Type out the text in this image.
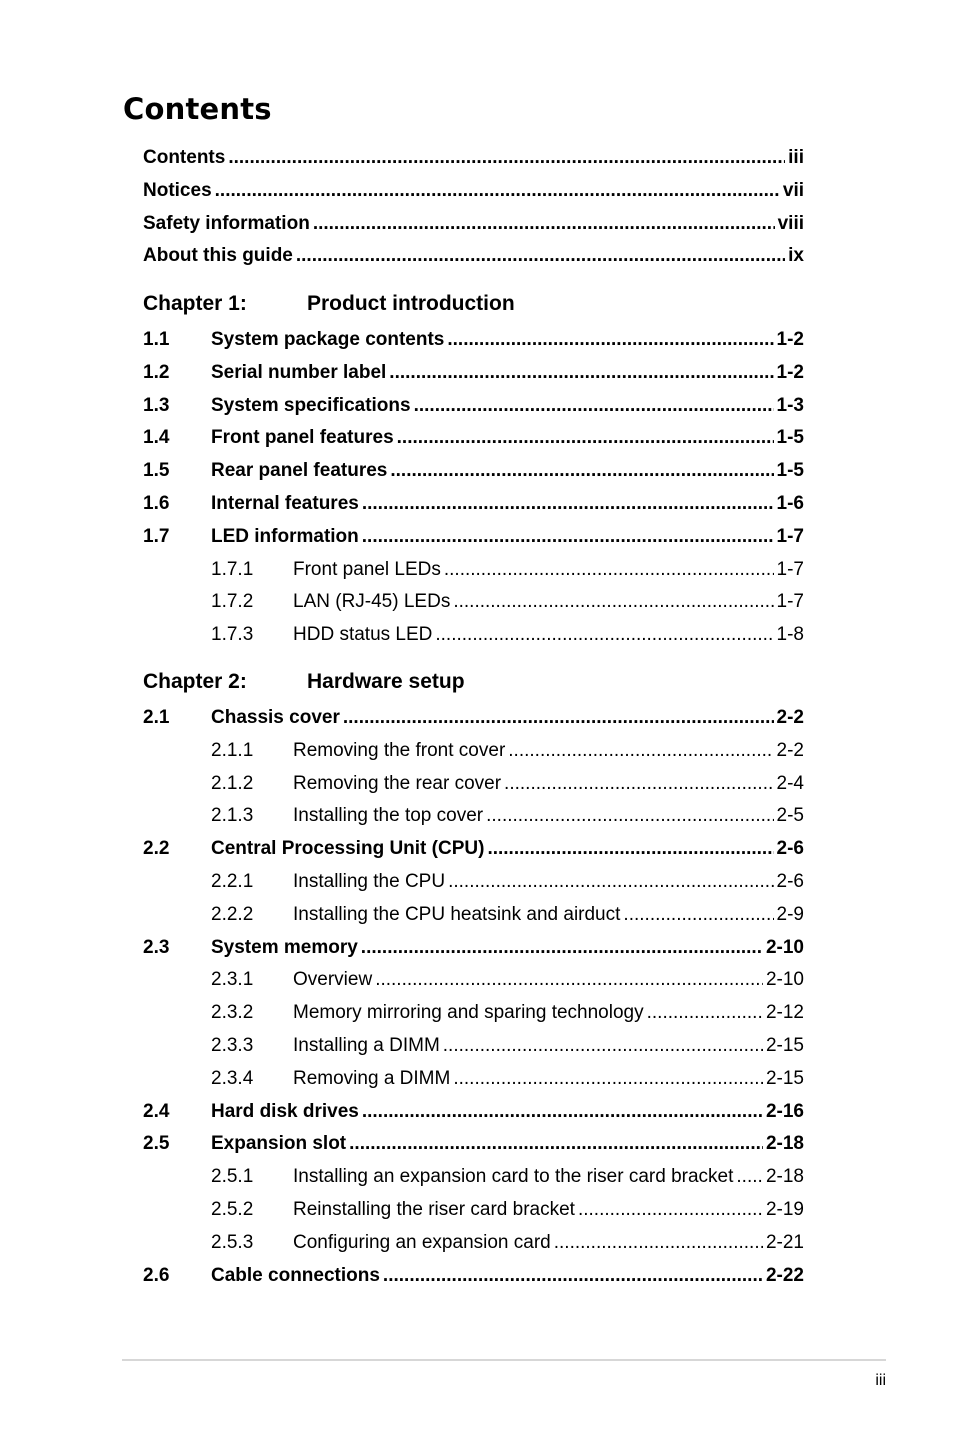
Contents
Contents .....	iii
Notices .....	vii
Safety information .....	viii
About this guide .....	ix
Chapter 1:	Product introduction
1.1	System package contents .....	1-2
1.2	Serial number label .....	1-2
1.3	System specifications .....	1-3
1.4	Front panel features .....	1-5
1.5	Rear panel features .....	1-5
1.6	Internal features .....	1-6
1.7	LED information .....	1-7
1.7.1	Front panel LEDs .....	1-7
1.7.2	LAN (RJ-45) LEDs .....	1-7
1.7.3	HDD status LED .....	1-8
Chapter 2:	Hardware setup
2.1	Chassis cover .....	2-2
2.1.1	Removing the front cover .....	2-2
2.1.2	Removing the rear cover .....	2-4
2.1.3	Installing the top cover .....	2-5
2.2	Central Processing Unit (CPU) .....	2-6
2.2.1	Installing the CPU .....	2-6
2.2.2	Installing the CPU heatsink and airduct .....	2-9
2.3	System memory .....	2-10
2.3.1	Overview .....	2-10
2.3.2	Memory mirroring and sparing technology .....	2-12
2.3.3	Installing a DIMM .....	2-15
2.3.4	Removing a DIMM .....	2-15
2.4	Hard disk drives .....	2-16
2.5	Expansion slot .....	2-18
2.5.1	Installing an expansion card to the riser card bracket ..... 2-18
2.5.2	Reinstalling the riser card bracket .....	2-19
2.5.3	Configuring an expansion card .....	2-21
2.6	Cable connections .....	2-22
iii
